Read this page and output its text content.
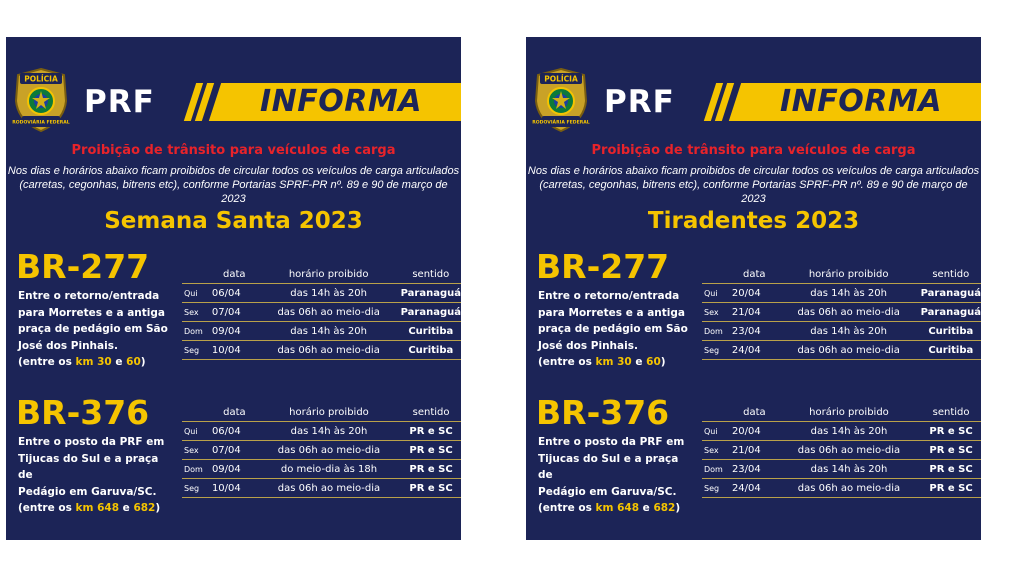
POLÍCIA
RODOVIÁRIA FEDERAL
PRF	INFORMA
Proibição de trânsito para veículos de carga
Nos dias e horários abaixo ficam proibidos de circular todos os veículos de carga articulados
(carretas, cegonhas, bitrens etc), conforme Portarias SPRF-PR nº. 89 e 90 de março de 2023
Semana Santa 2023
BR-277
Entre o retorno/entrada
para Morretes e a antiga
praça de pedágio em São
José dos Pinhais.
(entre os km 30 e 60)
	data	horário proibido	sentido
Qui	06/04	das 14h às 20h	Paranaguá
Sex	07/04	das 06h ao meio-dia	Paranaguá
Dom	09/04	das 14h às 20h	Curitiba
Seg	10/04	das 06h ao meio-dia	Curitiba
BR-376
Entre o posto da PRF em
Tijucas do Sul e a praça de
Pedágio em Garuva/SC.
(entre os km 648 e 682)
	data	horário proibido	sentido
Qui	06/04	das 14h às 20h	PR e SC
Sex	07/04	das 06h ao meio-dia	PR e SC
Dom	09/04	do meio-dia às 18h	PR e SC
Seg	10/04	das 06h ao meio-dia	PR e SC
POLÍCIA
RODOVIÁRIA FEDERAL
PRF	INFORMA
Proibição de trânsito para veículos de carga
Nos dias e horários abaixo ficam proibidos de circular todos os veículos de carga articulados
(carretas, cegonhas, bitrens etc), conforme Portarias SPRF-PR nº. 89 e 90 de março de 2023
Tiradentes 2023
BR-277
Entre o retorno/entrada
para Morretes e a antiga
praça de pedágio em São
José dos Pinhais.
(entre os km 30 e 60)
	data	horário proibido	sentido
Qui	20/04	das 14h às 20h	Paranaguá
Sex	21/04	das 06h ao meio-dia	Paranaguá
Dom	23/04	das 14h às 20h	Curitiba
Seg	24/04	das 06h ao meio-dia	Curitiba
BR-376
Entre o posto da PRF em
Tijucas do Sul e a praça de
Pedágio em Garuva/SC.
(entre os km 648 e 682)
	data	horário proibido	sentido
Qui	20/04	das 14h às 20h	PR e SC
Sex	21/04	das 06h ao meio-dia	PR e SC
Dom	23/04	das 14h às 20h	PR e SC
Seg	24/04	das 06h ao meio-dia	PR e SC
